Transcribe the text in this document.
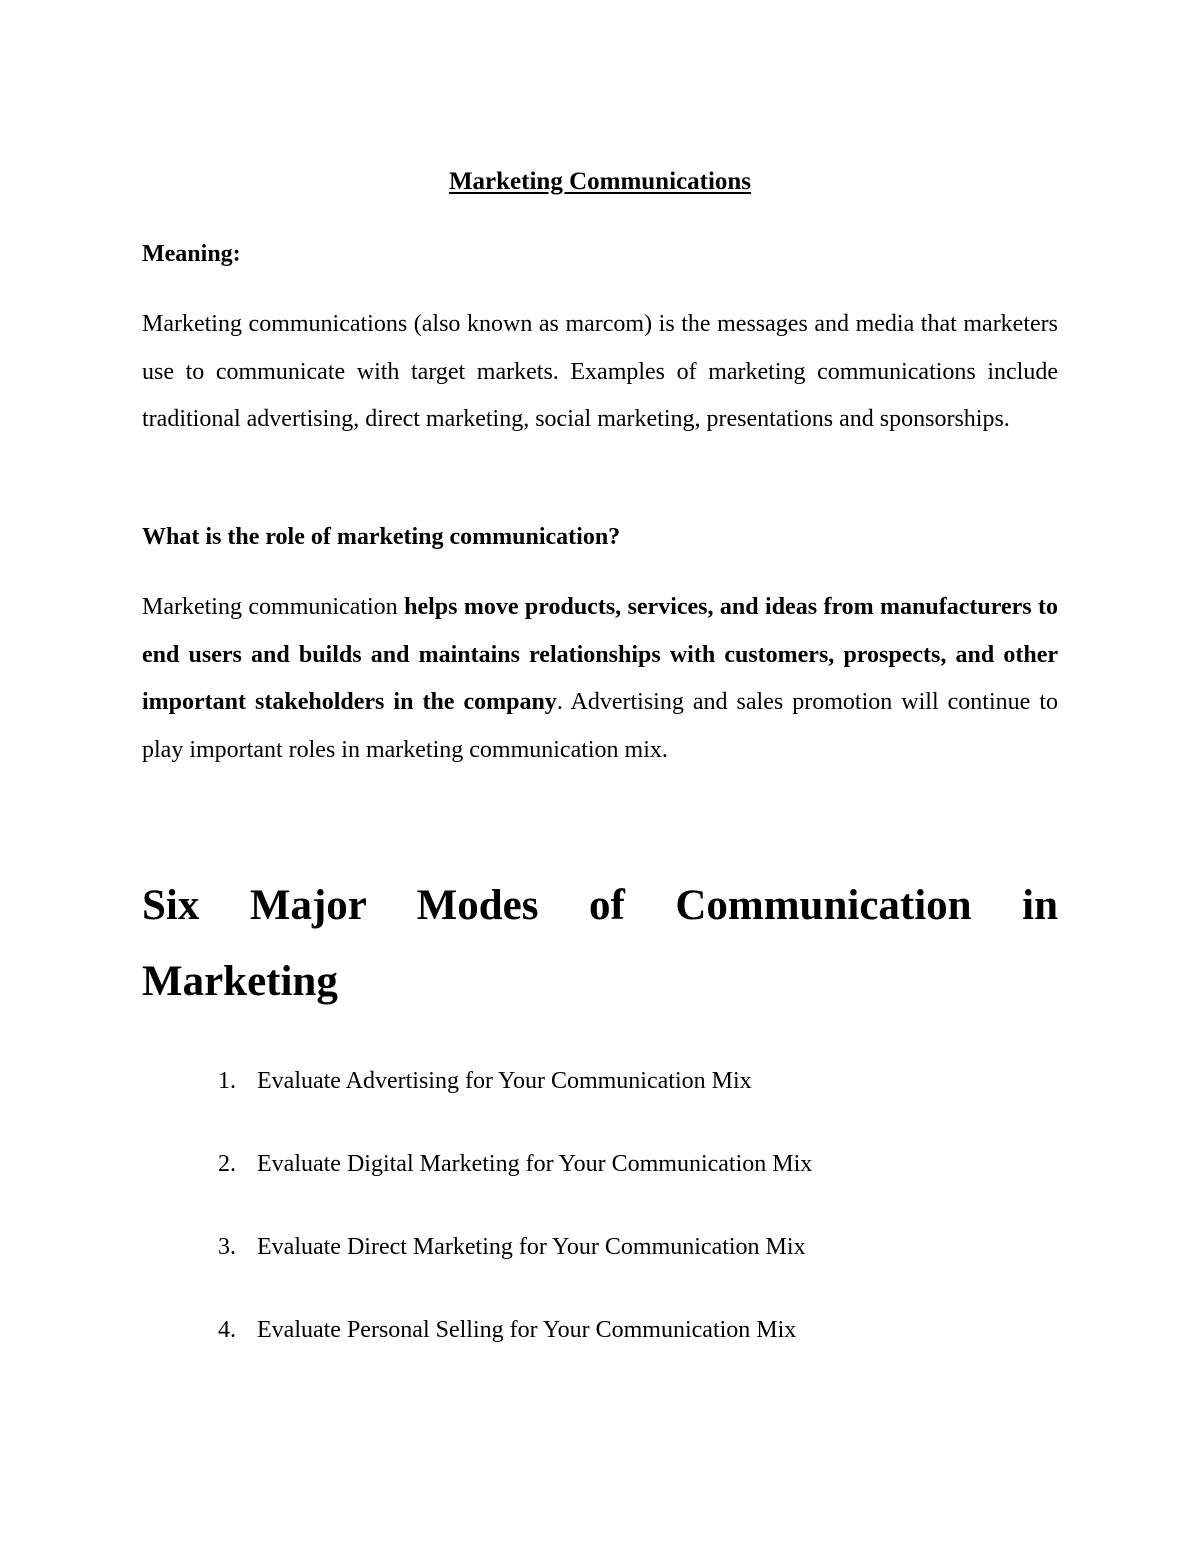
Marketing Communications
Meaning:
Marketing communications (also known as marcom) is the messages and media that marketers use to communicate with target markets. Examples of marketing communications include traditional advertising, direct marketing, social marketing, presentations and sponsorships.
What is the role of marketing communication?
Marketing communication helps move products, services, and ideas from manufacturers to end users and builds and maintains relationships with customers, prospects, and other important stakeholders in the company. Advertising and sales promotion will continue to play important roles in marketing communication mix.
Six Major Modes of Communication in Marketing
1. Evaluate Advertising for Your Communication Mix
2. Evaluate Digital Marketing for Your Communication Mix
3. Evaluate Direct Marketing for Your Communication Mix
4. Evaluate Personal Selling for Your Communication Mix
